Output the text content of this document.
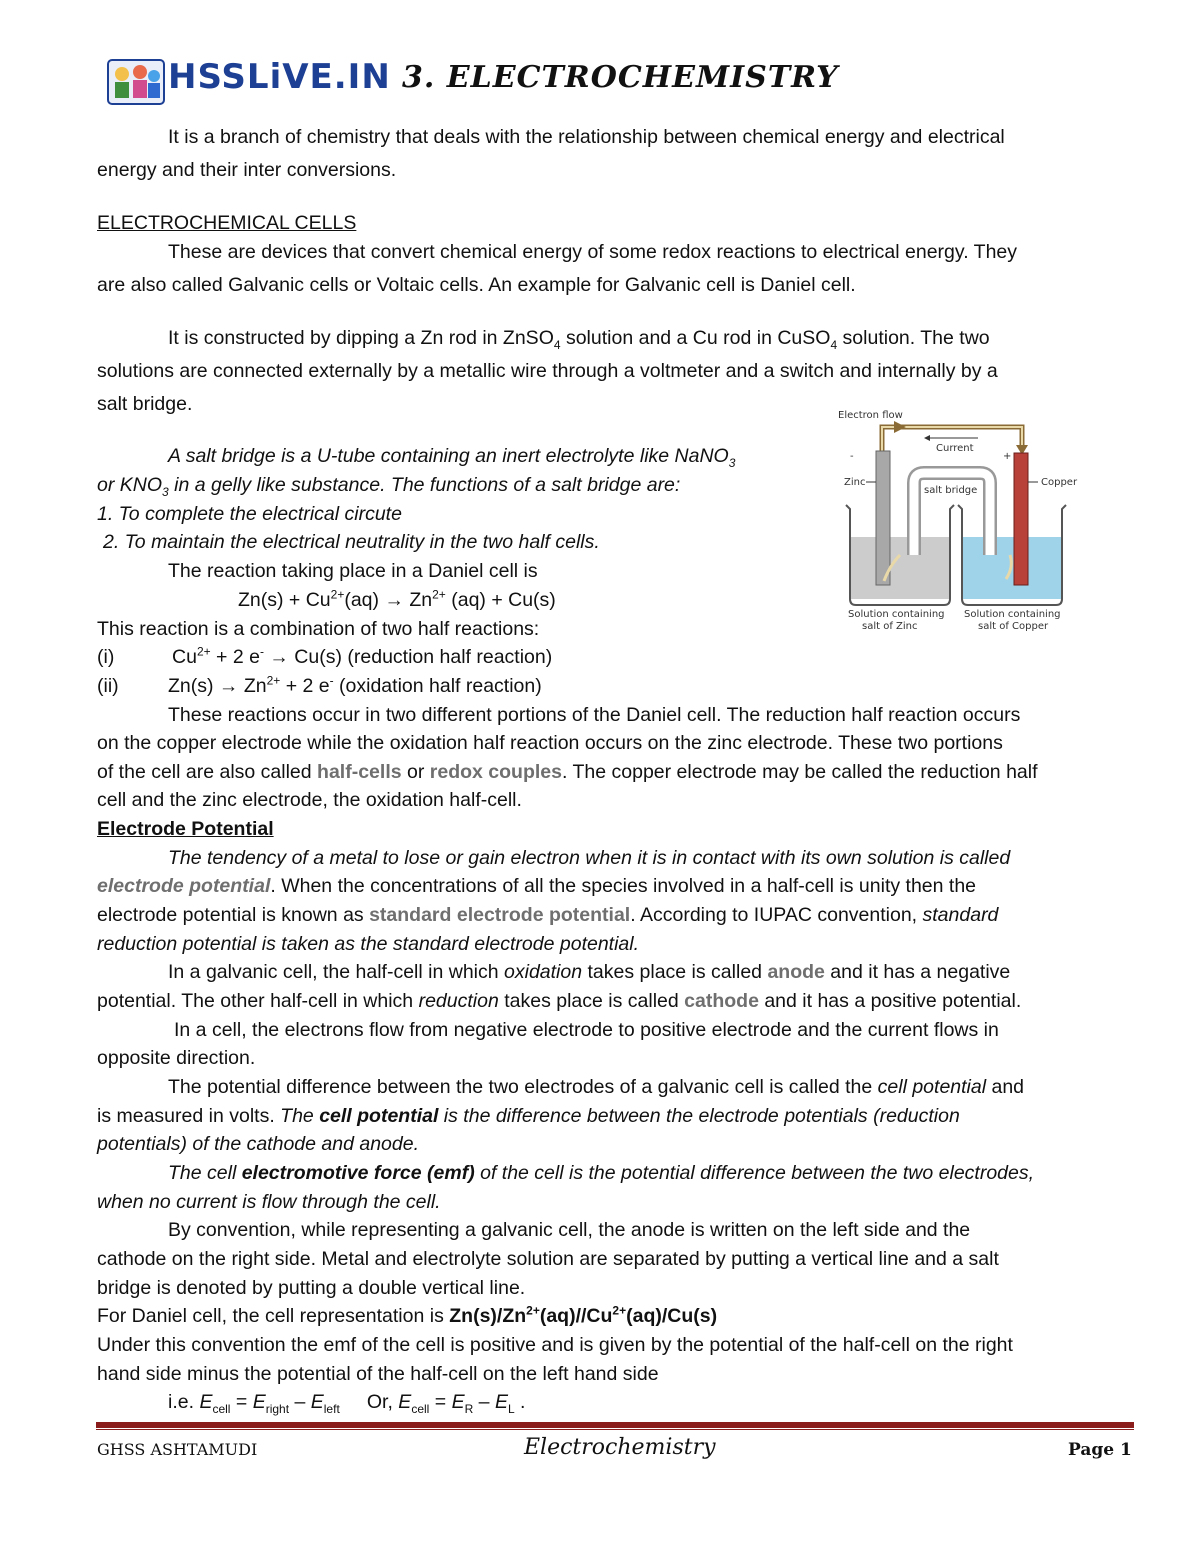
HSSLiVE.IN 3. ELECTROCHEMISTRY
It is a branch of chemistry that deals with the relationship between chemical energy and electrical
energy and their inter conversions.
ELECTROCHEMICAL CELLS
These are devices that convert chemical energy of some redox reactions to electrical energy. They
are also called Galvanic cells or Voltaic cells. An example for Galvanic cell is Daniel cell.
It is constructed by dipping a Zn rod in ZnSO$_4$ solution and a Cu rod in CuSO$_4$ solution. The two
solutions are connected externally by a metallic wire through a voltmeter and a switch and internally by a
salt bridge.
A salt bridge is a U-tube containing an inert electrolyte like NaNO$_3$
or $KNO_3$ in a gelly like substance. The functions of a salt bridge are:
1. To complete the electrical circute
2. To maintain the electrical neutrality in the two half cells.
The reaction taking place in a Daniel cell is
$Zn(s) + Cu^{2+}(aq) \to Zn^{2+}$ (aq) + Cu(s)
This reaction is a combination of two half reactions:
(i)	$Cu^{2+} + 2$ e- → Cu(s) (reduction half reaction)
(ii)	$Zn(s) \to Zn^{2+} + 2$ e- (oxidation half reaction)
These reactions occur in two different portions of the Daniel cell. The reduction half reaction occurs
on the copper electrode while the oxidation half reaction occurs on the zinc electrode. These two portions
of the cell are also called half-cells or redox couples. The copper electrode may be called the reduction half
cell and the zinc electrode, the oxidation half-cell.
Electrode Potential
The tendency of a metal to lose or gain electron when it is in contact with its own solution is called
electrode potential. When the concentrations of all the species involved in a half-cell is unity then the
electrode potential is known as standard electrode potential. According to IUPAC convention, standard
reduction potential is taken as the standard electrode potential.
In a galvanic cell, the half-cell in which oxidation takes place is called anode and it has a negative
potential. The other half-cell in which reduction takes place is called cathode and it has a positive potential.
In a cell, the electrons flow from negative electrode to positive electrode and the current flows in
opposite direction.
The potential difference between the two electrodes of a galvanic cell is called the cell potential and
is measured in volts. The cell potential is the difference between the electrode potentials (reduction
potentials) of the cathode and anode.
The cell electromotive force (emf) of the cell is the potential difference between the two electrodes,
when no current is flow through the cell.
By convention, while representing a galvanic cell, the anode is written on the left side and the
cathode on the right side. Metal and electrolyte solution are separated by putting a vertical line and a salt
bridge is denoted by putting a double vertical line.
For Daniel cell, the cell representation is $Zn(s)/Zn^{2+}(aq)//Cu^{2+}(aq)/Cu(s)$
Under this convention the emf of the cell is positive and is given by the potential of the half-cell on the right
hand side minus the potential of the half-cell on the left hand side
i.e. $E_{cell} = E_{right} - E_{left}$     Or, $E_{cell} = E_R - E_L$ .
Electron flow
Current
-	+
salt bridge
Zinc	Copper
Solution containing
salt of Zinc
Solution containing
salt of Copper
GHSS ASHTAMUDI	Electrochemistry	Page 1
